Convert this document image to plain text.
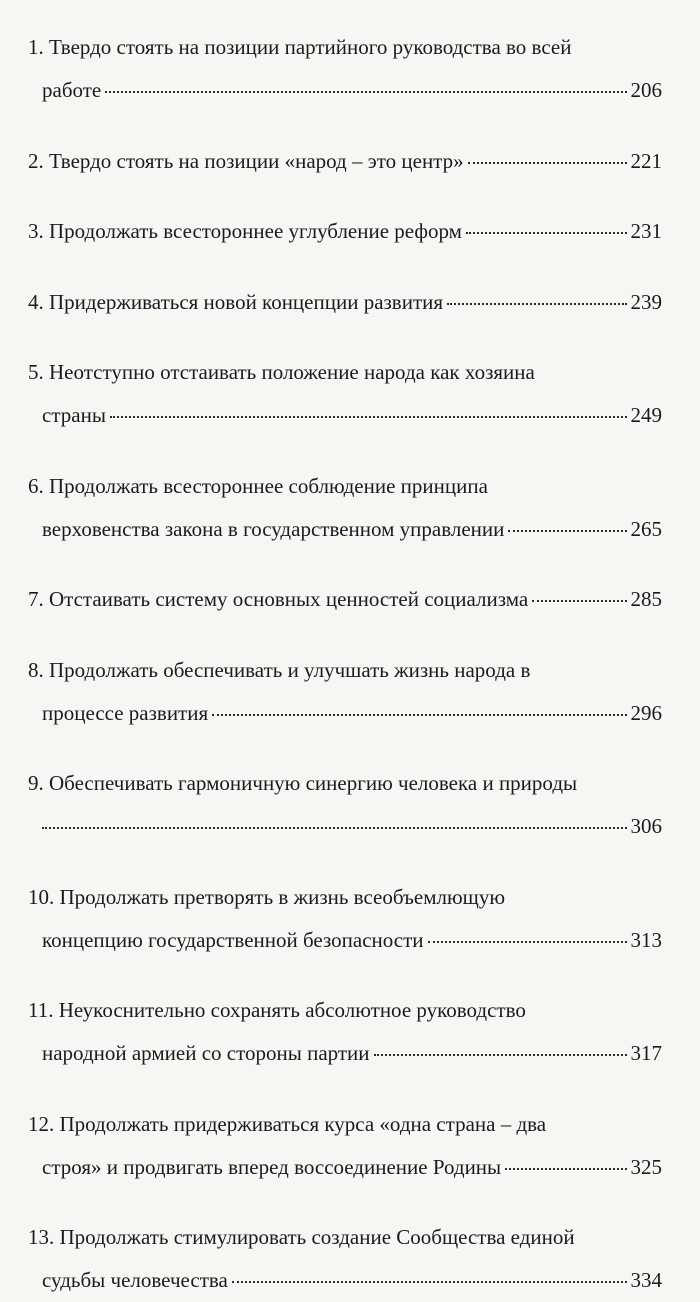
1. Твердо стоять на позиции партийного руководства во всей
работе	206
2. Твердо стоять на позиции «народ – это центр»	221
3. Продолжать всестороннее углубление реформ	231
4. Придерживаться новой концепции развития	239
5. Неотступно отстаивать положение народа как хозяина
страны	249
6. Продолжать всестороннее соблюдение принципа
верховенства закона в государственном управлении	265
7. Отстаивать систему основных ценностей социализма	285
8. Продолжать обеспечивать и улучшать жизнь народа в
процессе развития	296
9. Обеспечивать гармоничную синергию человека и природы
306
10. Продолжать претворять в жизнь всеобъемлющую
концепцию государственной безопасности	313
11. Неукоснительно сохранять абсолютное руководство
народной армией со стороны партии	317
12. Продолжать придерживаться курса «одна страна – два
строя» и продвигать вперед воссоединение Родины	325
13. Продолжать стимулировать создание Сообщества единой
судьбы человечества	334
